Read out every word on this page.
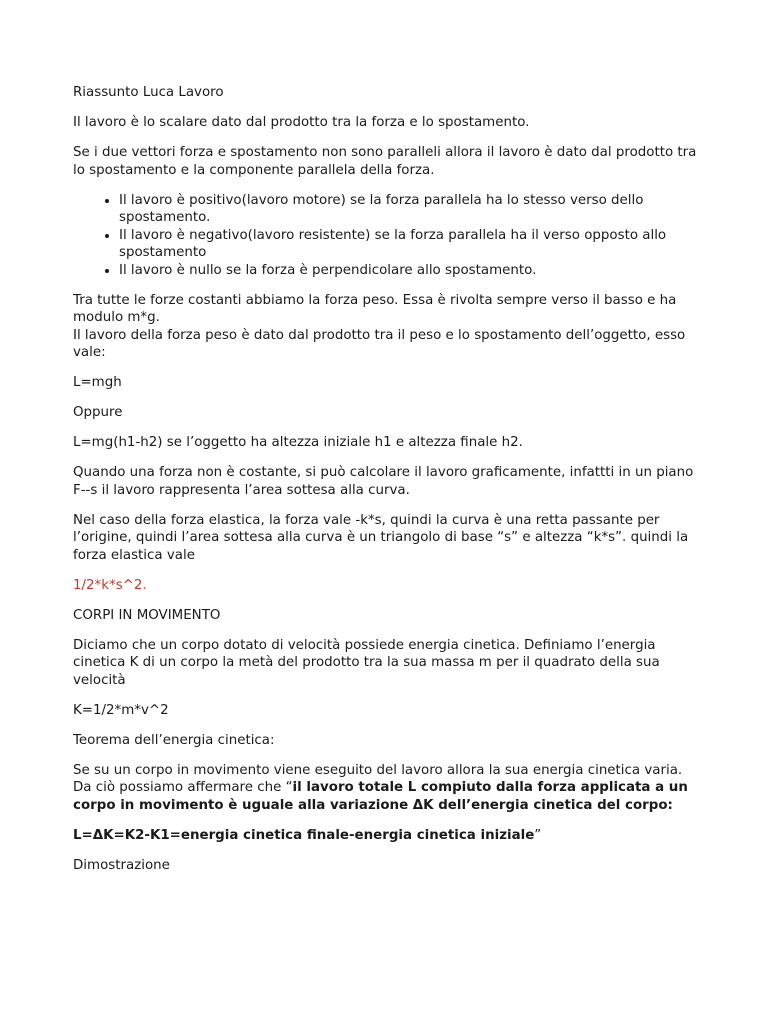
Riassunto Luca Lavoro

Il lavoro è lo scalare dato dal prodotto tra la forza e lo spostamento.

Se i due vettori forza e spostamento non sono paralleli allora il lavoro è dato dal prodotto tra lo spostamento e la componente parallela della forza.

• Il lavoro è positivo(lavoro motore) se la forza parallela ha lo stesso verso dello spostamento.
• Il lavoro è negativo(lavoro resistente) se la forza parallela ha il verso opposto allo spostamento
• Il lavoro è nullo se la forza è perpendicolare allo spostamento.

Tra tutte le forze costanti abbiamo la forza peso. Essa è rivolta sempre verso il basso e ha modulo m*g.
Il lavoro della forza peso è dato dal prodotto tra il peso e lo spostamento dell’oggetto, esso vale:

L=mgh

Oppure

L=mg(h1-h2) se l’oggetto ha altezza iniziale h1 e altezza finale h2.

Quando una forza non è costante, si può calcolare il lavoro graficamente, infattti in un piano F--s il lavoro rappresenta l’area sottesa alla curva.

Nel caso della forza elastica, la forza vale -k*s, quindi la curva è una retta passante per l’origine, quindi l’area sottesa alla curva è un triangolo di base “s” e altezza “k*s”. quindi la forza elastica vale

1/2*k*s^2.

CORPI IN MOVIMENTO

Diciamo che un corpo dotato di velocità possiede energia cinetica. Definiamo l’energia cinetica K di un corpo la metà del prodotto tra la sua massa m per il quadrato della sua velocità

K=1/2*m*v^2

Teorema dell’energia cinetica:

Se su un corpo in movimento viene eseguito del lavoro allora la sua energia cinetica varia. Da ciò possiamo affermare che “il lavoro totale L compiuto dalla forza applicata a un corpo in movimento è uguale alla variazione ΔK dell’energia cinetica del corpo:

L=ΔK=K2-K1=energia cinetica finale-energia cinetica iniziale”

Dimostrazione
